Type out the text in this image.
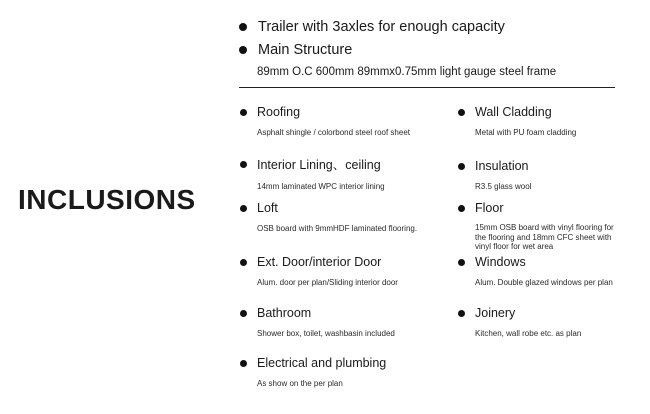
INCLUSIONS
Trailer with 3axles for enough capacity
Main Structure
89mm O.C 600mm 89mmx0.75mm light gauge steel frame
Roofing
Asphalt shingle / colorbond steel roof sheet
Interior Lining、ceiling
14mm laminated WPC interior lining
Loft
OSB board with 9mmHDF laminated flooring.
Ext. Door/interior Door
Alum. door per plan/Sliding interior door
Bathroom
Shower box, toilet, washbasin included
Electrical and plumbing
As show on the per plan
Wall Cladding
Metal with PU foam cladding
Insulation
R3.5 glass wool
Floor
15mm OSB board with vinyl flooring for the flooring and 18mm CFC sheet with vinyl floor for wet area
Windows
Alum. Double glazed windows per plan
Joinery
Kitchen, wall robe etc. as plan
